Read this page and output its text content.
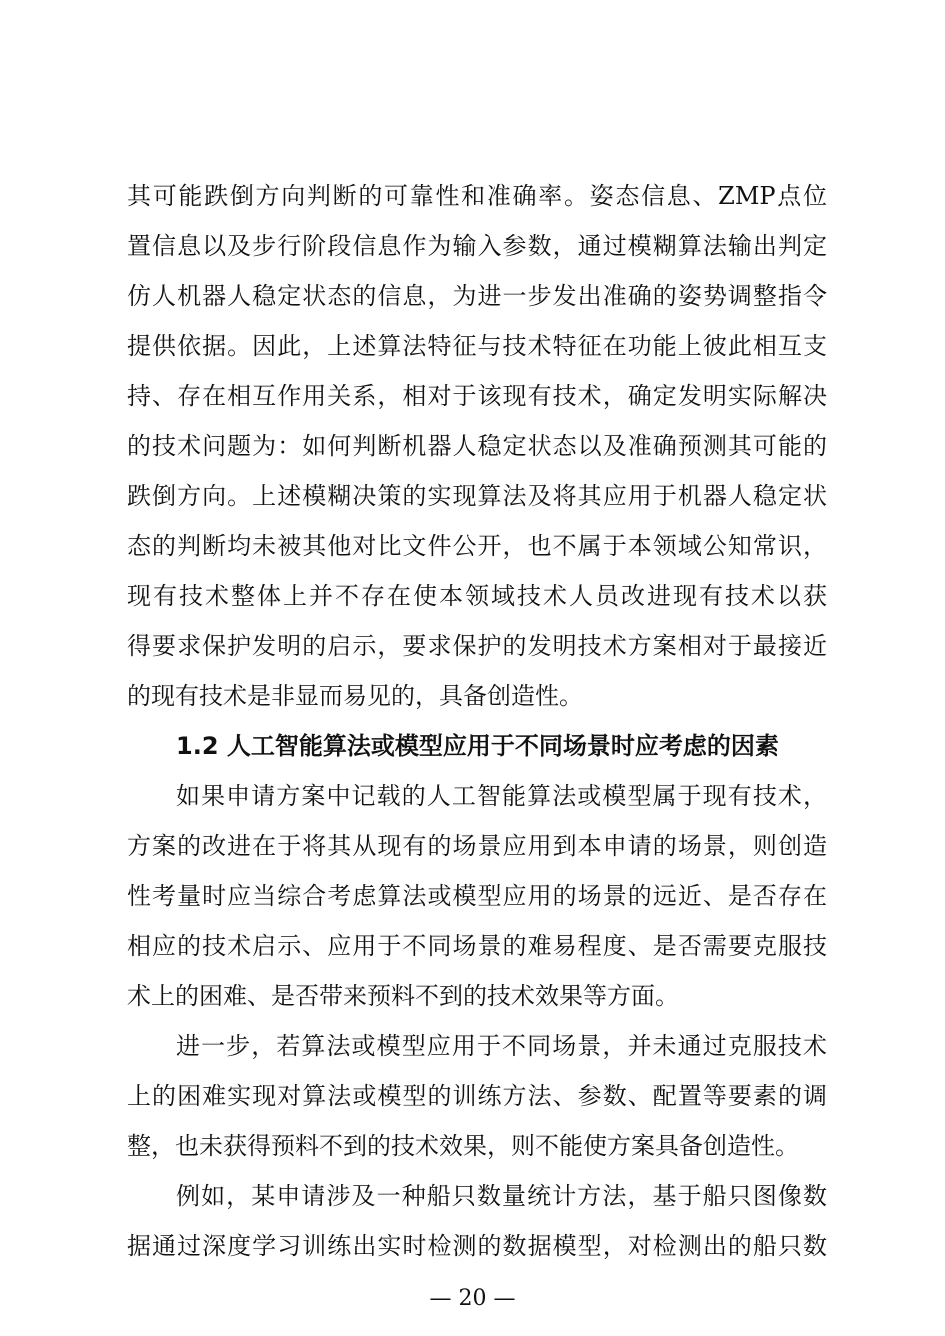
其可能跌倒方向判断的可靠性和准确率。姿态信息、ZMP点位
置信息以及步行阶段信息作为输入参数，通过模糊算法输出判定
仿人机器人稳定状态的信息，为进一步发出准确的姿势调整指令
提供依据。因此，上述算法特征与技术特征在功能上彼此相互支
持、存在相互作用关系，相对于该现有技术，确定发明实际解决
的技术问题为：如何判断机器人稳定状态以及准确预测其可能的
跌倒方向。上述模糊决策的实现算法及将其应用于机器人稳定状
态的判断均未被其他对比文件公开，也不属于本领域公知常识，
现有技术整体上并不存在使本领域技术人员改进现有技术以获
得要求保护发明的启示，要求保护的发明技术方案相对于最接近
的现有技术是非显而易见的，具备创造性。
1.2 人工智能算法或模型应用于不同场景时应考虑的因素
如果申请方案中记载的人工智能算法或模型属于现有技术，
方案的改进在于将其从现有的场景应用到本申请的场景，则创造
性考量时应当综合考虑算法或模型应用的场景的远近、是否存在
相应的技术启示、应用于不同场景的难易程度、是否需要克服技
术上的困难、是否带来预料不到的技术效果等方面。
进一步，若算法或模型应用于不同场景，并未通过克服技术
上的困难实现对算法或模型的训练方法、参数、配置等要素的调
整，也未获得预料不到的技术效果，则不能使方案具备创造性。
例如，某申请涉及一种船只数量统计方法，基于船只图像数
据通过深度学习训练出实时检测的数据模型，对检测出的船只数
— 20 —
